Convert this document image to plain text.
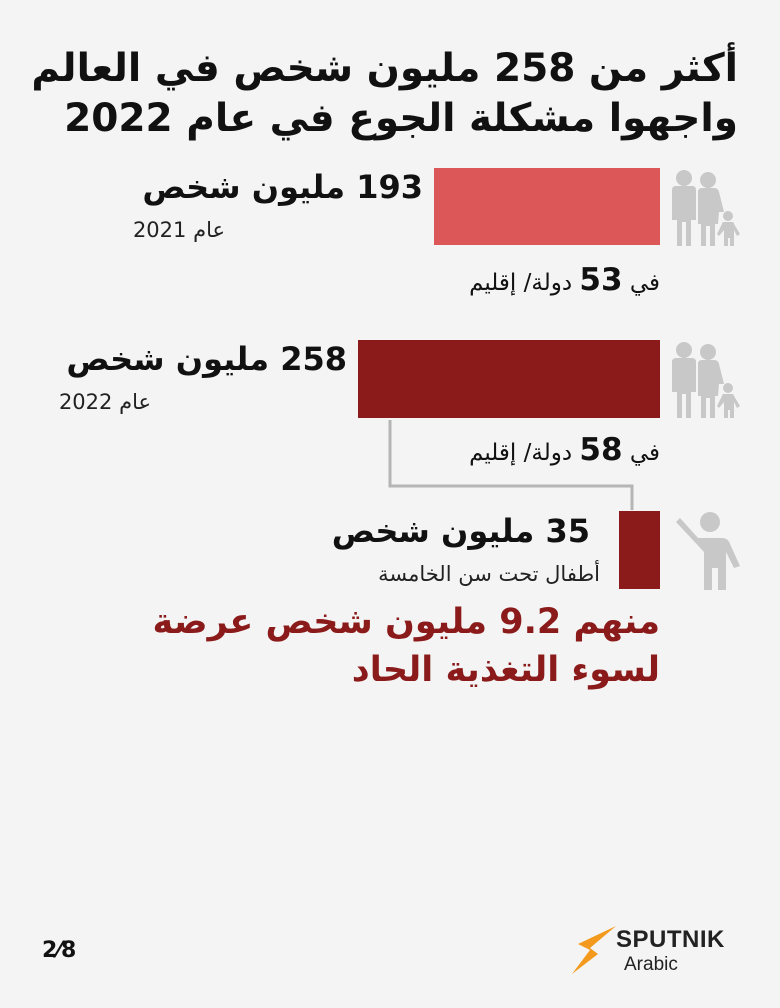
أكثر من 258 مليون شخص في العالم
واجهوا مشكلة الجوع في عام 2022
193 مليون شخص
عام 2021
في 53 دولة/ إقليم
258 مليون شخص
عام 2022
في 58 دولة/ إقليم
35 مليون شخص
أطفال تحت سن الخامسة
منهم 9.2 مليون شخص عرضة
لسوء التغذية الحاد
2⁄8	SPUTNIK
Arabic
